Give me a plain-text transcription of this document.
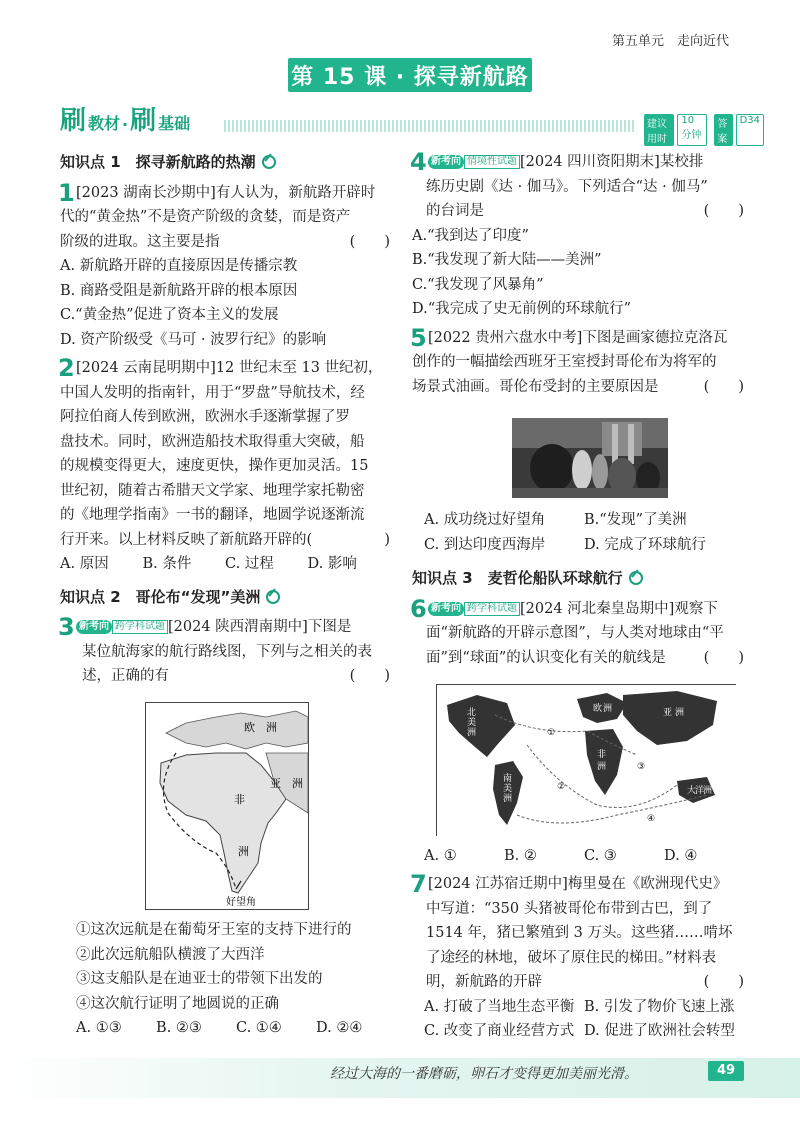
第五单元　走向近代
第 15 课 · 探寻新航路
刷 教材 · 刷 基础	建议用时
10 分钟
答案
D34
知识点 1　探寻新航路的热潮
1 [2023 湖南长沙期中]有人认为，新航路开辟时
代的“黄金热”不是资产阶级的贪婪，而是资产
阶级的进取。这主要是指	(　　)
A. 新航路开辟的直接原因是传播宗教
B. 商路受阻是新航路开辟的根本原因
C.“黄金热”促进了资本主义的发展
D. 资产阶级受《马可 · 波罗行纪》的影响
2 [2024 云南昆明期中]12 世纪末至 13 世纪初，
中国人发明的指南针，用于“罗盘”导航技术，经
阿拉伯商人传到欧洲，欧洲水手逐渐掌握了罗
盘技术。同时，欧洲造船技术取得重大突破，船
的规模变得更大，速度更快，操作更加灵活。15
世纪初，随着古希腊天文学家、地理学家托勒密
的《地理学指南》一书的翻译，地圆学说逐渐流
行开来。以上材料反映了新航路开辟的(	　)
A. 原因	B. 条件	C. 过程	D. 影响
知识点 2　哥伦布“发现”美洲
3 新考向 跨学科试题 [2024 陕西渭南期中]下图是
某位航海家的航行路线图，下列与之相关的表
述，正确的有	(　　)
欧　洲
亚　洲
非
洲
好望角
①这次远航是在葡萄牙王室的支持下进行的
②此次远航船队横渡了大西洋
③这支船队是在迪亚士的带领下出发的
④这次航行证明了地圆说的正确
A. ①③	B. ②③	C. ①④	D. ②④
4 新考向 情境性试题 [2024 四川资阳期末]某校排
练历史剧《达 · 伽马》。下列适合“达 · 伽马”
的台词是	(　　)
A.“我到达了印度”
B.“我发现了新大陆——美洲”
C.“我发现了风暴角”
D.“我完成了史无前例的环球航行”
5 [2022 贵州六盘水中考]下图是画家德拉克洛瓦
创作的一幅描绘西班牙王室授封哥伦布为将军的
场景式油画。哥伦布受封的主要原因是	(　　)
A. 成功绕过好望角	B.“发现”了美洲
C. 到达印度西海岸	D. 完成了环球航行
知识点 3　麦哲伦船队环球航行
6 新考向 跨学科试题 [2024 河北秦皇岛期中]观察下
面“新航路的开辟示意图”，与人类对地球由“平
面”到“球面”的认识变化有关的航线是	(　　)
北
美
洲
南
美
洲
欧 洲	亚 洲
非
洲
大
洋
洲
①
②
③
④
A. ①	B. ②	C. ③	D. ④
7 [2024 江苏宿迁期中]梅里曼在《欧洲现代史》
中写道：“350 头猪被哥伦布带到古巴，到了
1514 年，猪已繁殖到 3 万头。这些猪……啃坏
了途经的林地，破坏了原住民的梯田。”材料表
明，新航路的开辟	(　　)
A. 打破了当地生态平衡 B. 引发了物价飞速上涨
C. 改变了商业经营方式 D. 促进了欧洲社会转型
经过大海的一番磨砺，卵石才变得更加美丽光滑。	49
